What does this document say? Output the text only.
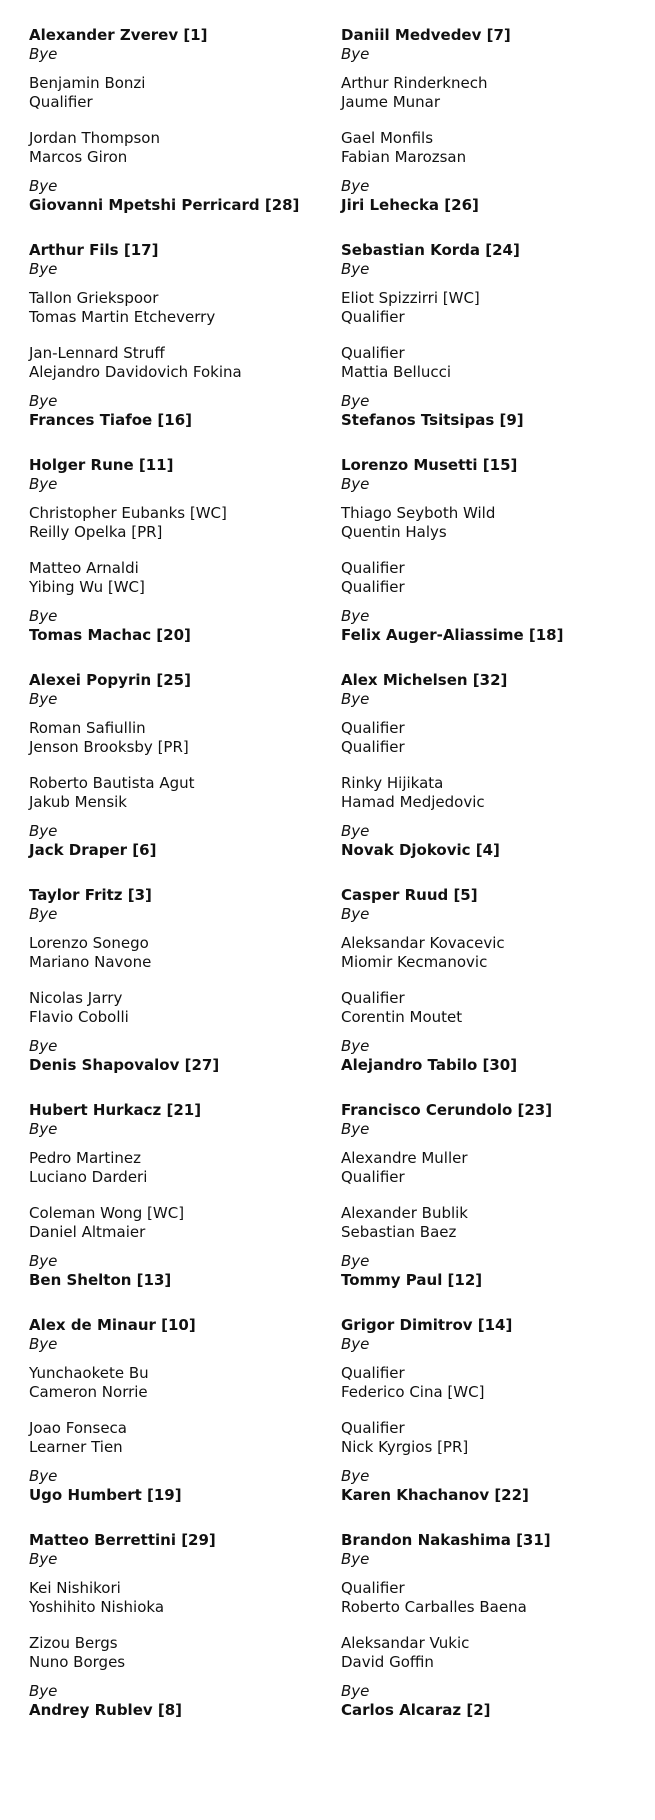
Alexander Zverev [1]
Bye
Benjamin Bonzi
Qualifier
Jordan Thompson
Marcos Giron
Bye
Giovanni Mpetshi Perricard [28]
Arthur Fils [17]
Bye
Tallon Griekspoor
Tomas Martin Etcheverry
Jan-Lennard Struff
Alejandro Davidovich Fokina
Bye
Frances Tiafoe [16]
Holger Rune [11]
Bye
Christopher Eubanks [WC]
Reilly Opelka [PR]
Matteo Arnaldi
Yibing Wu [WC]
Bye
Tomas Machac [20]
Alexei Popyrin [25]
Bye
Roman Safiullin
Jenson Brooksby [PR]
Roberto Bautista Agut
Jakub Mensik
Bye
Jack Draper [6]
Taylor Fritz [3]
Bye
Lorenzo Sonego
Mariano Navone
Nicolas Jarry
Flavio Cobolli
Bye
Denis Shapovalov [27]
Hubert Hurkacz [21]
Bye
Pedro Martinez
Luciano Darderi
Coleman Wong [WC]
Daniel Altmaier
Bye
Ben Shelton [13]
Alex de Minaur [10]
Bye
Yunchaokete Bu
Cameron Norrie
Joao Fonseca
Learner Tien
Bye
Ugo Humbert [19]
Matteo Berrettini [29]
Bye
Kei Nishikori
Yoshihito Nishioka
Zizou Bergs
Nuno Borges
Bye
Andrey Rublev [8]
Daniil Medvedev [7]
Bye
Arthur Rinderknech
Jaume Munar
Gael Monfils
Fabian Marozsan
Bye
Jiri Lehecka [26]
Sebastian Korda [24]
Bye
Eliot Spizzirri [WC]
Qualifier
Qualifier
Mattia Bellucci
Bye
Stefanos Tsitsipas [9]
Lorenzo Musetti [15]
Bye
Thiago Seyboth Wild
Quentin Halys
Qualifier
Qualifier
Bye
Felix Auger-Aliassime [18]
Alex Michelsen [32]
Bye
Qualifier
Qualifier
Rinky Hijikata
Hamad Medjedovic
Bye
Novak Djokovic [4]
Casper Ruud [5]
Bye
Aleksandar Kovacevic
Miomir Kecmanovic
Qualifier
Corentin Moutet
Bye
Alejandro Tabilo [30]
Francisco Cerundolo [23]
Bye
Alexandre Muller
Qualifier
Alexander Bublik
Sebastian Baez
Bye
Tommy Paul [12]
Grigor Dimitrov [14]
Bye
Qualifier
Federico Cina [WC]
Qualifier
Nick Kyrgios [PR]
Bye
Karen Khachanov [22]
Brandon Nakashima [31]
Bye
Qualifier
Roberto Carballes Baena
Aleksandar Vukic
David Goffin
Bye
Carlos Alcaraz [2]
